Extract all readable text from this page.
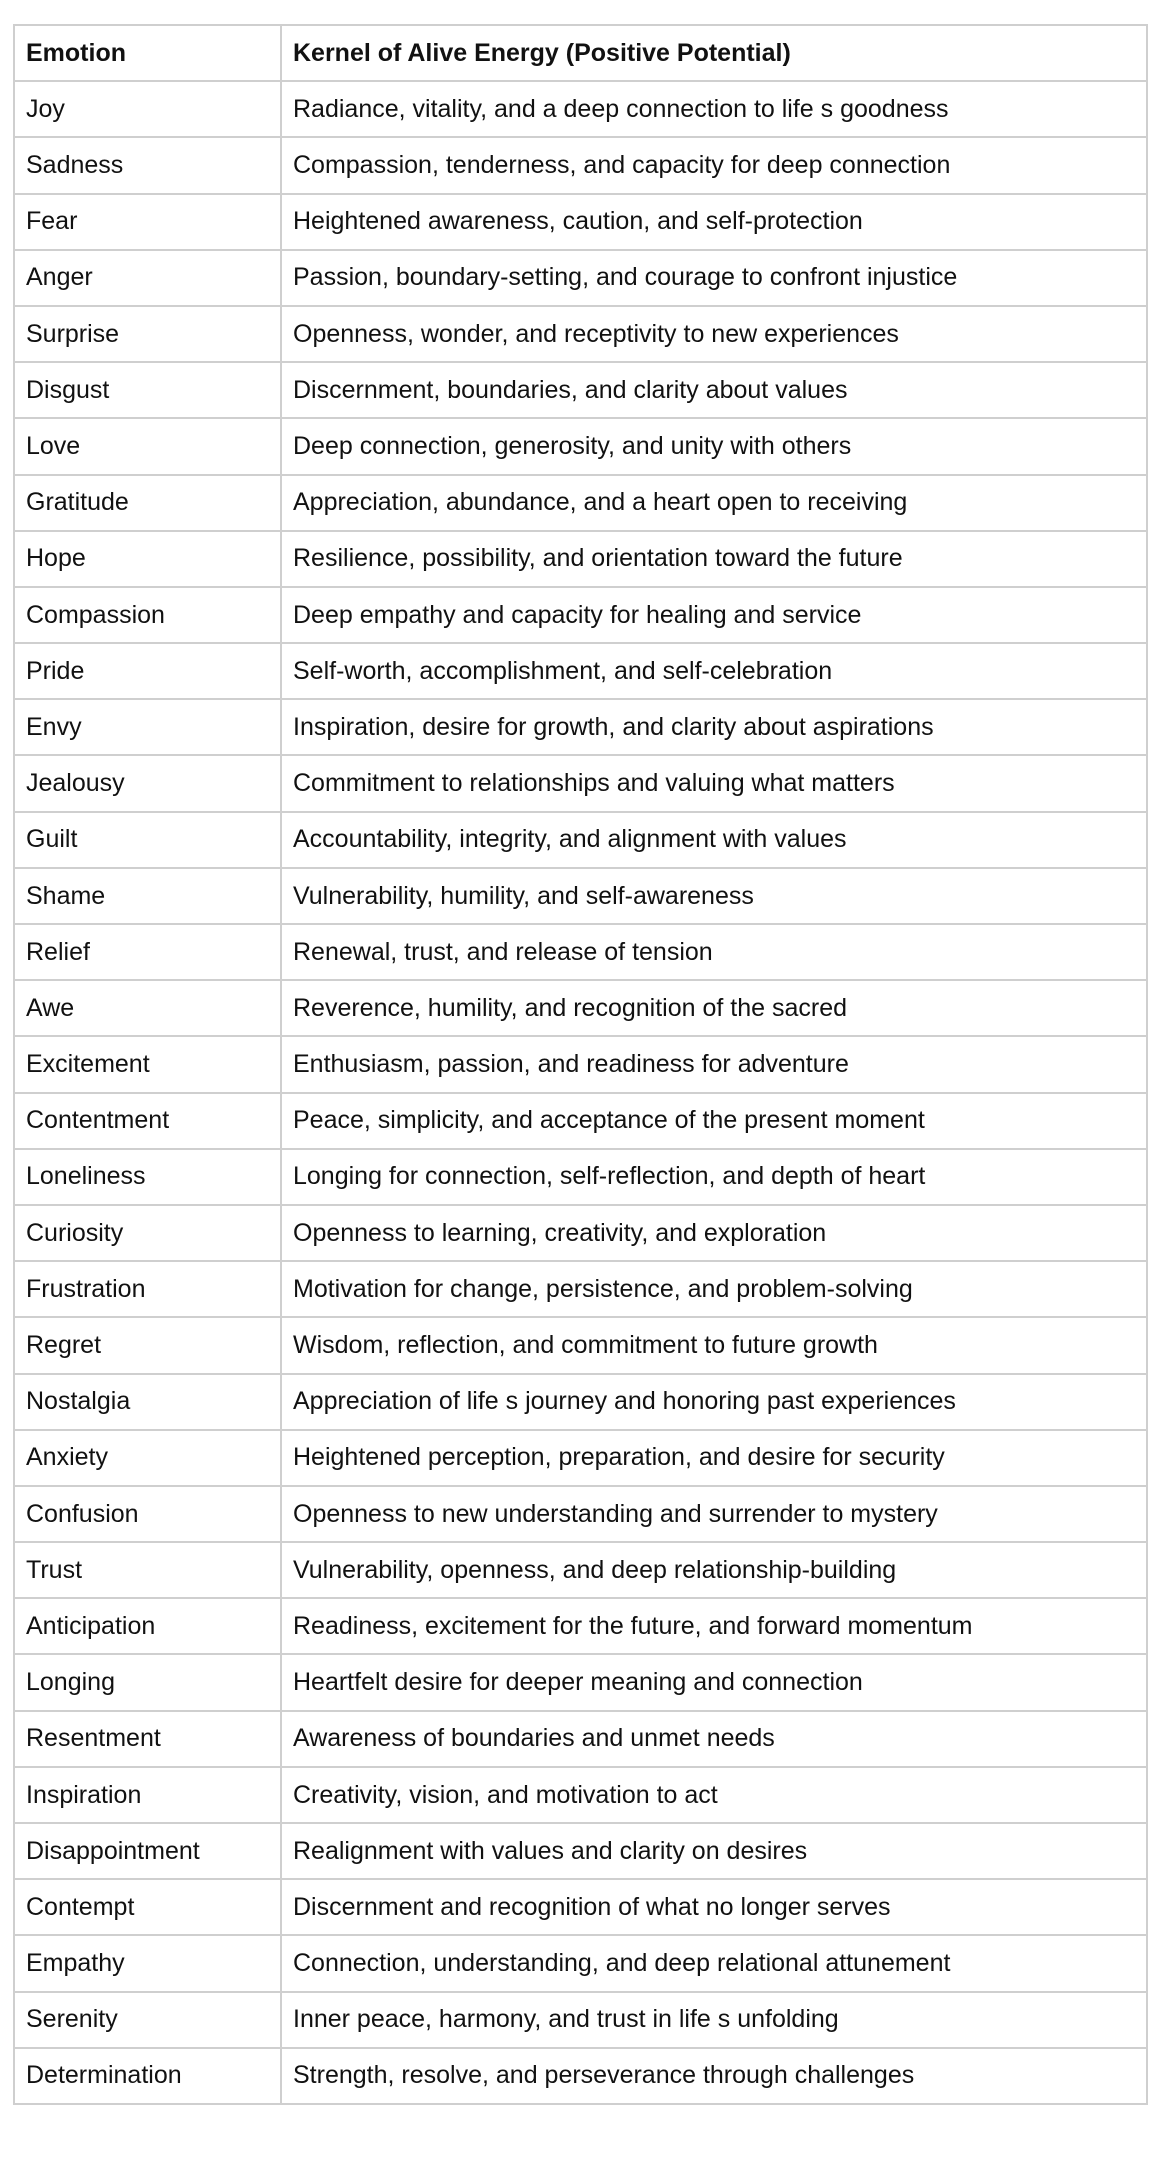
Emotion	Kernel of Alive Energy (Positive Potential)
Joy	Radiance, vitality, and a deep connection to life s goodness
Sadness	Compassion, tenderness, and capacity for deep connection
Fear	Heightened awareness, caution, and self-protection
Anger	Passion, boundary-setting, and courage to confront injustice
Surprise	Openness, wonder, and receptivity to new experiences
Disgust	Discernment, boundaries, and clarity about values
Love	Deep connection, generosity, and unity with others
Gratitude	Appreciation, abundance, and a heart open to receiving
Hope	Resilience, possibility, and orientation toward the future
Compassion	Deep empathy and capacity for healing and service
Pride	Self-worth, accomplishment, and self-celebration
Envy	Inspiration, desire for growth, and clarity about aspirations
Jealousy	Commitment to relationships and valuing what matters
Guilt	Accountability, integrity, and alignment with values
Shame	Vulnerability, humility, and self-awareness
Relief	Renewal, trust, and release of tension
Awe	Reverence, humility, and recognition of the sacred
Excitement	Enthusiasm, passion, and readiness for adventure
Contentment	Peace, simplicity, and acceptance of the present moment
Loneliness	Longing for connection, self-reflection, and depth of heart
Curiosity	Openness to learning, creativity, and exploration
Frustration	Motivation for change, persistence, and problem-solving
Regret	Wisdom, reflection, and commitment to future growth
Nostalgia	Appreciation of life s journey and honoring past experiences
Anxiety	Heightened perception, preparation, and desire for security
Confusion	Openness to new understanding and surrender to mystery
Trust	Vulnerability, openness, and deep relationship-building
Anticipation	Readiness, excitement for the future, and forward momentum
Longing	Heartfelt desire for deeper meaning and connection
Resentment	Awareness of boundaries and unmet needs
Inspiration	Creativity, vision, and motivation to act
Disappointment	Realignment with values and clarity on desires
Contempt	Discernment and recognition of what no longer serves
Empathy	Connection, understanding, and deep relational attunement
Serenity	Inner peace, harmony, and trust in life s unfolding
Determination	Strength, resolve, and perseverance through challenges
